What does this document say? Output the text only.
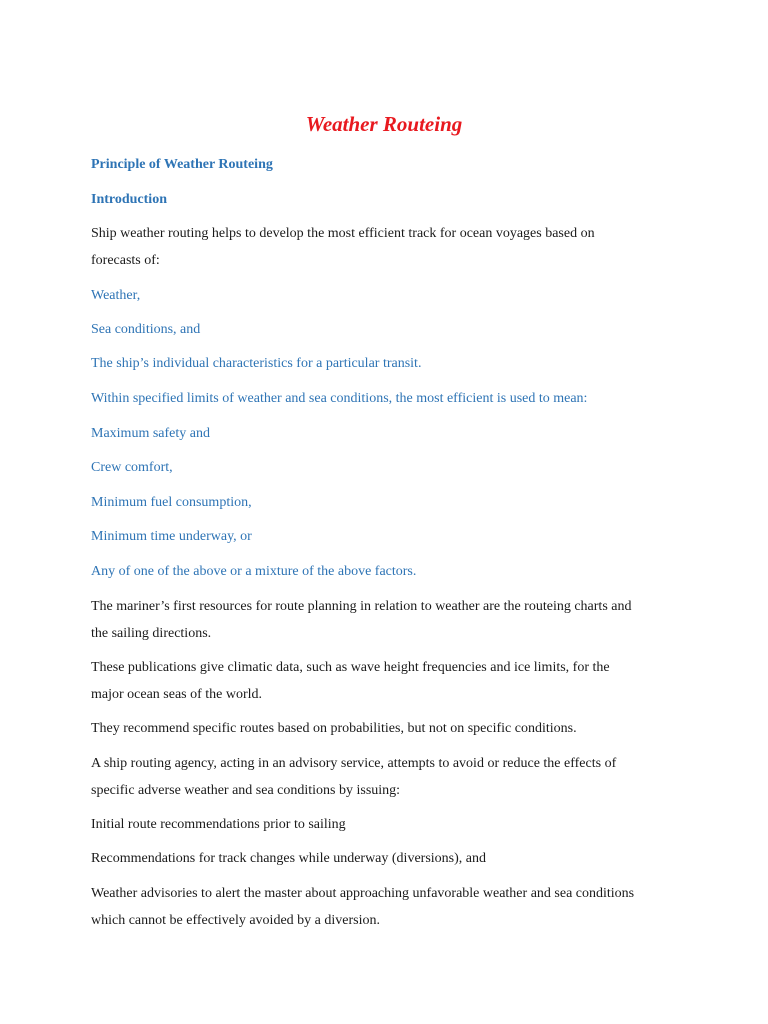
Weather Routeing
Principle of Weather Routeing
Introduction
Ship weather routing helps to develop the most efficient track for ocean voyages based on
forecasts of:
Weather,
Sea conditions, and
The ship’s individual characteristics for a particular transit.
Within specified limits of weather and sea conditions, the most efficient is used to mean:
Maximum safety and
Crew comfort,
Minimum fuel consumption,
Minimum time underway, or
Any of one of the above or a mixture of the above factors.
The mariner’s first resources for route planning in relation to weather are the routeing charts and
the sailing directions.
These publications give climatic data, such as wave height frequencies and ice limits, for the
major ocean seas of the world.
They recommend specific routes based on probabilities, but not on specific conditions.
A ship routing agency, acting in an advisory service, attempts to avoid or reduce the effects of
specific adverse weather and sea conditions by issuing:
Initial route recommendations prior to sailing
Recommendations for track changes while underway (diversions), and
Weather advisories to alert the master about approaching unfavorable weather and sea conditions
which cannot be effectively avoided by a diversion.
